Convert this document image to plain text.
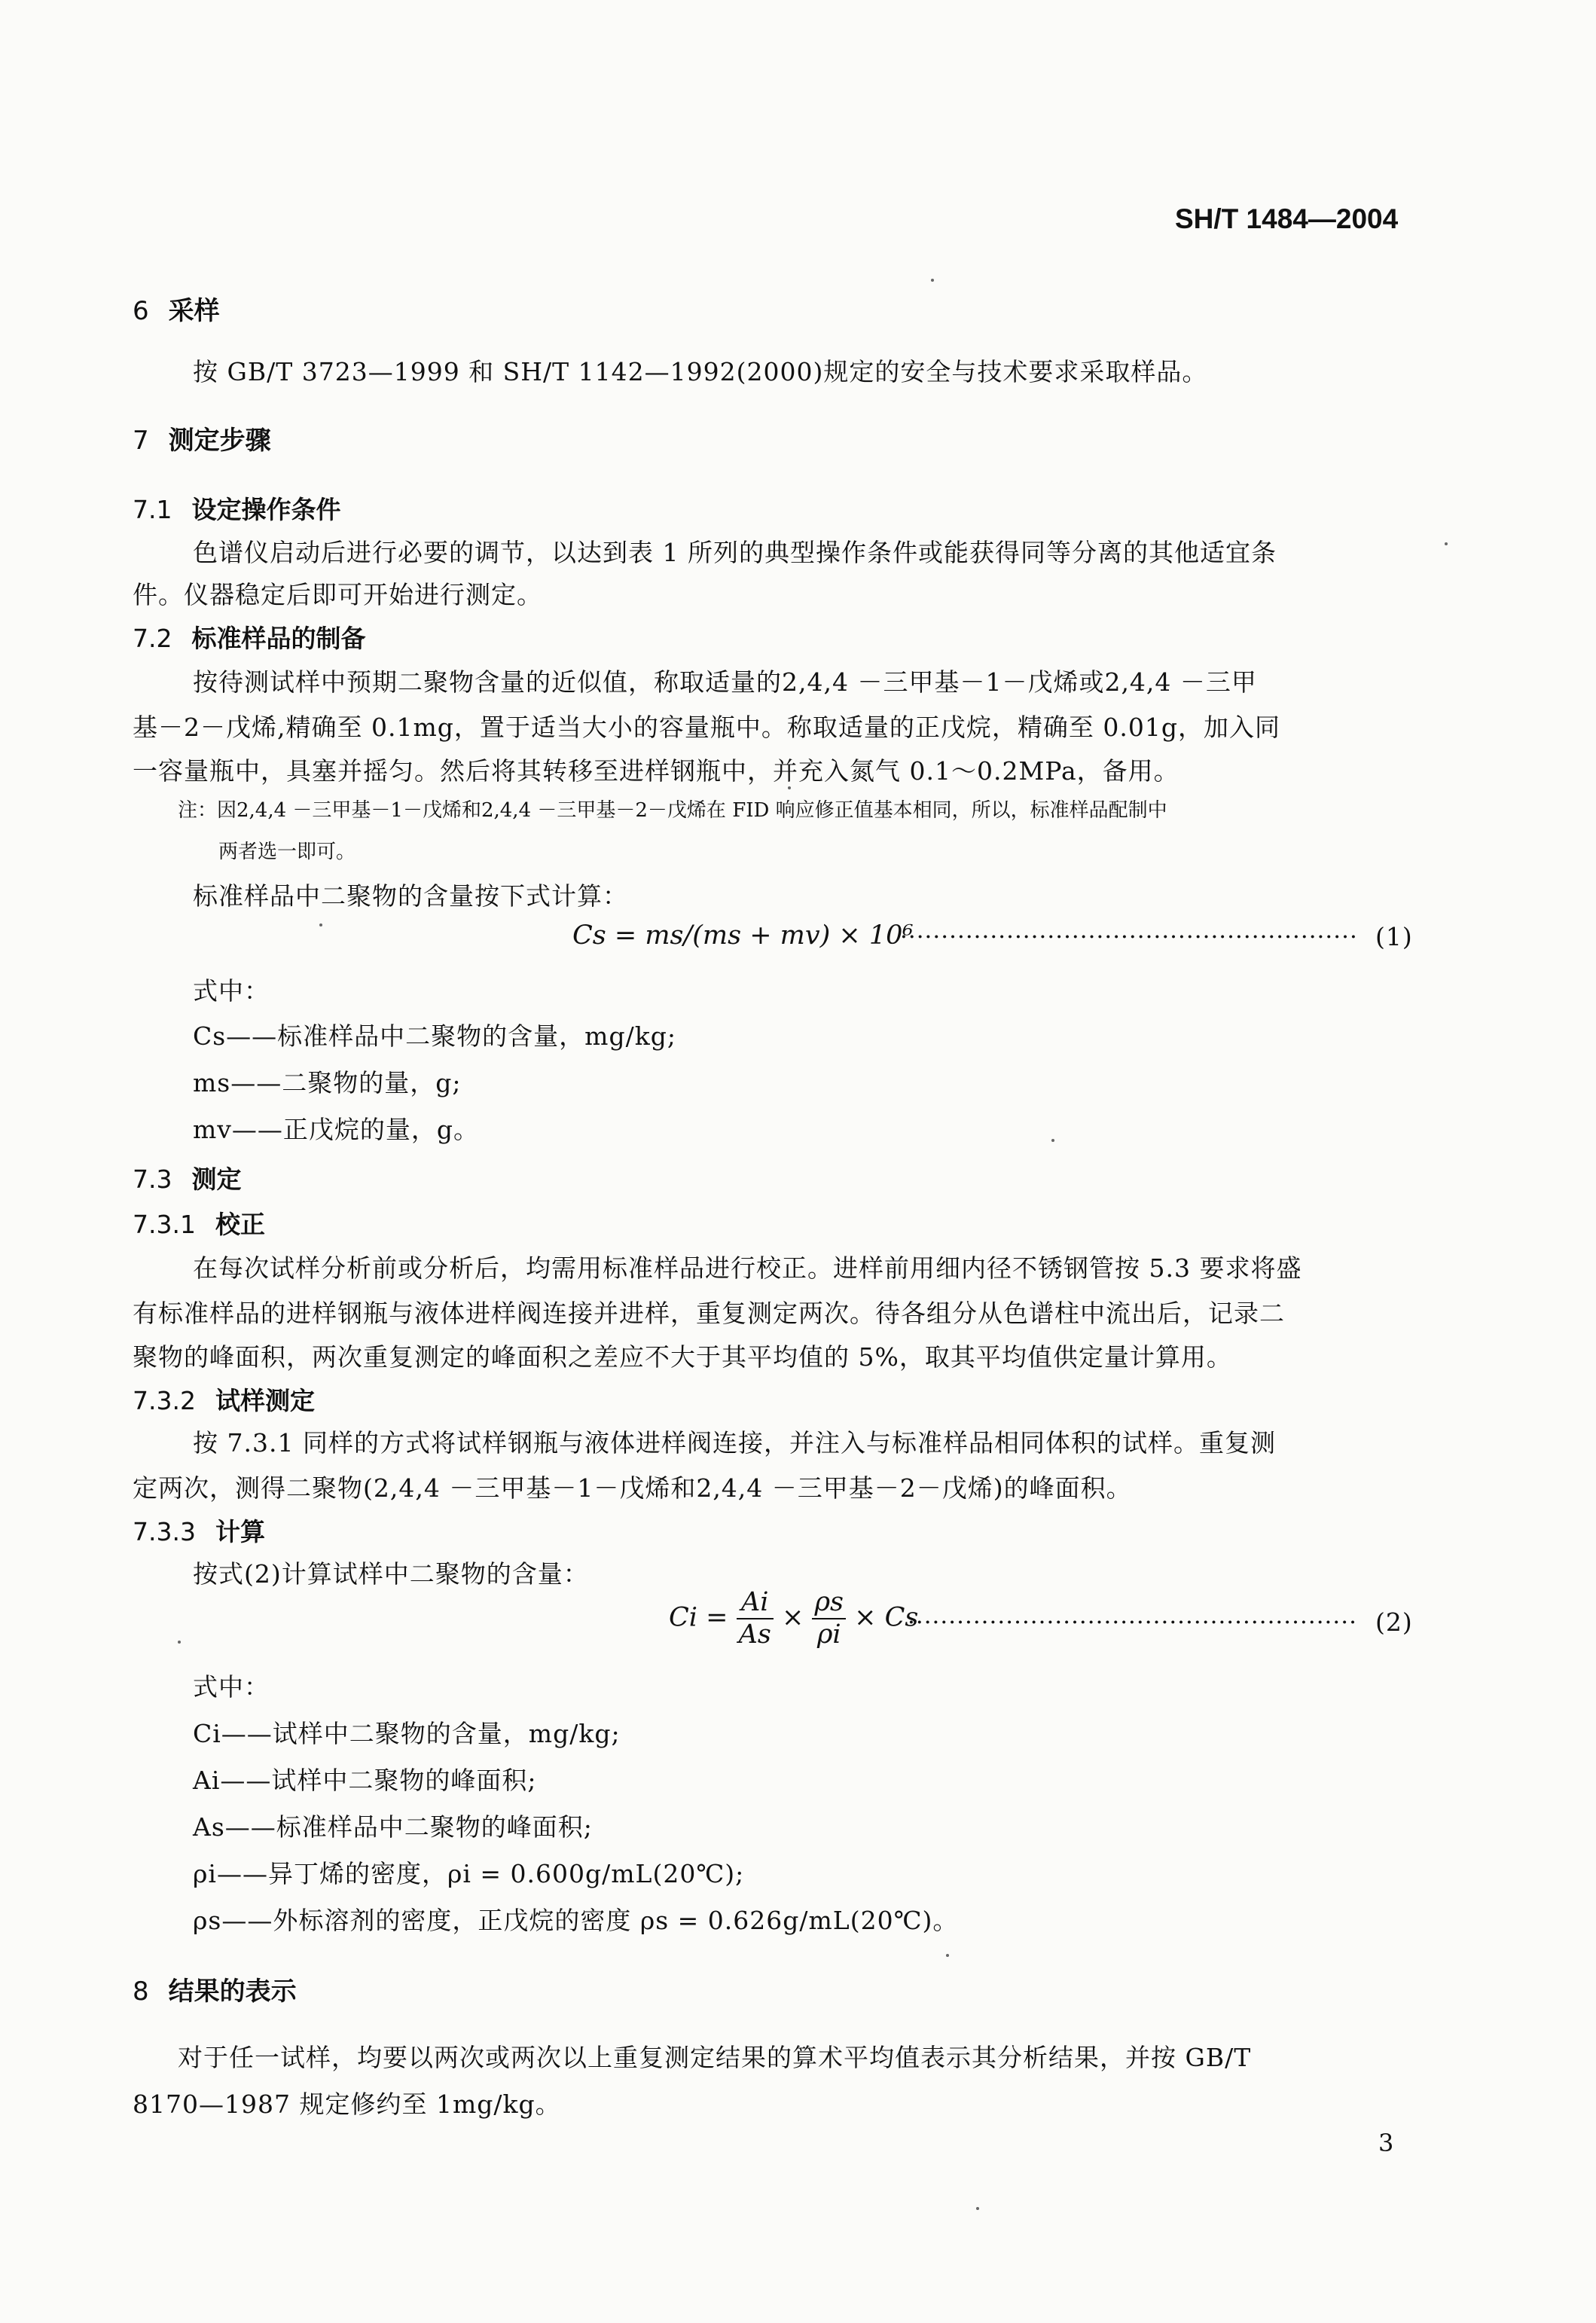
SH/T 1484—2004
6 采样
按 GB/T 3723—1999 和 SH/T 1142—1992(2000)规定的安全与技术要求采取样品。
7 测定步骤
7.1 设定操作条件
色谱仪启动后进行必要的调节，以达到表 1 所列的典型操作条件或能获得同等分离的其他适宜条
件。仪器稳定后即可开始进行测定。
7.2 标准样品的制备
按待测试样中预期二聚物含量的近似值，称取适量的2,4,4 －三甲基－1－戊烯或2,4,4 －三甲
基－2－戊烯,精确至 0.1mg，置于适当大小的容量瓶中。称取适量的正戊烷，精确至 0.01g，加入同
一容量瓶中，具塞并摇匀。然后将其转移至进样钢瓶中，并充入氮气 0.1～0.2MPa，备用。
注：因2,4,4 －三甲基－1－戊烯和2,4,4 －三甲基－2－戊烯在 FID 响应修正值基本相同，所以，标准样品配制中
两者选一即可。
标准样品中二聚物的含量按下式计算：
Cs = ms/(ms + mv) × 10⁶
························································ (1)
式中：
Cs——标准样品中二聚物的含量，mg/kg;
ms——二聚物的量，g;
mv——正戊烷的量，g。
7.3 测定
7.3.1 校正
在每次试样分析前或分析后，均需用标准样品进行校正。进样前用细内径不锈钢管按 5.3 要求将盛
有标准样品的进样钢瓶与液体进样阀连接并进样，重复测定两次。待各组分从色谱柱中流出后，记录二
聚物的峰面积，两次重复测定的峰面积之差应不大于其平均值的 5%，取其平均值供定量计算用。
7.3.2 试样测定
按 7.3.1 同样的方式将试样钢瓶与液体进样阀连接，并注入与标准样品相同体积的试样。重复测
定两次，测得二聚物(2,4,4 －三甲基－1－戊烯和2,4,4 －三甲基－2－戊烯)的峰面积。
7.3.3 计算
按式(2)计算试样中二聚物的含量：
$Ci = \frac{Ai}{As} \times \frac{\rho s}{\rho i} \times Cs$
······················································· (2)
式中：
Ci——试样中二聚物的含量，mg/kg;
Ai——试样中二聚物的峰面积;
As——标准样品中二聚物的峰面积;
ρi——异丁烯的密度，ρi = 0.600g/mL(20℃);
ρs——外标溶剂的密度，正戊烷的密度 ρs = 0.626g/mL(20℃)。
8 结果的表示
对于任一试样，均要以两次或两次以上重复测定结果的算术平均值表示其分析结果，并按 GB/T
8170—1987 规定修约至 1mg/kg。
3
